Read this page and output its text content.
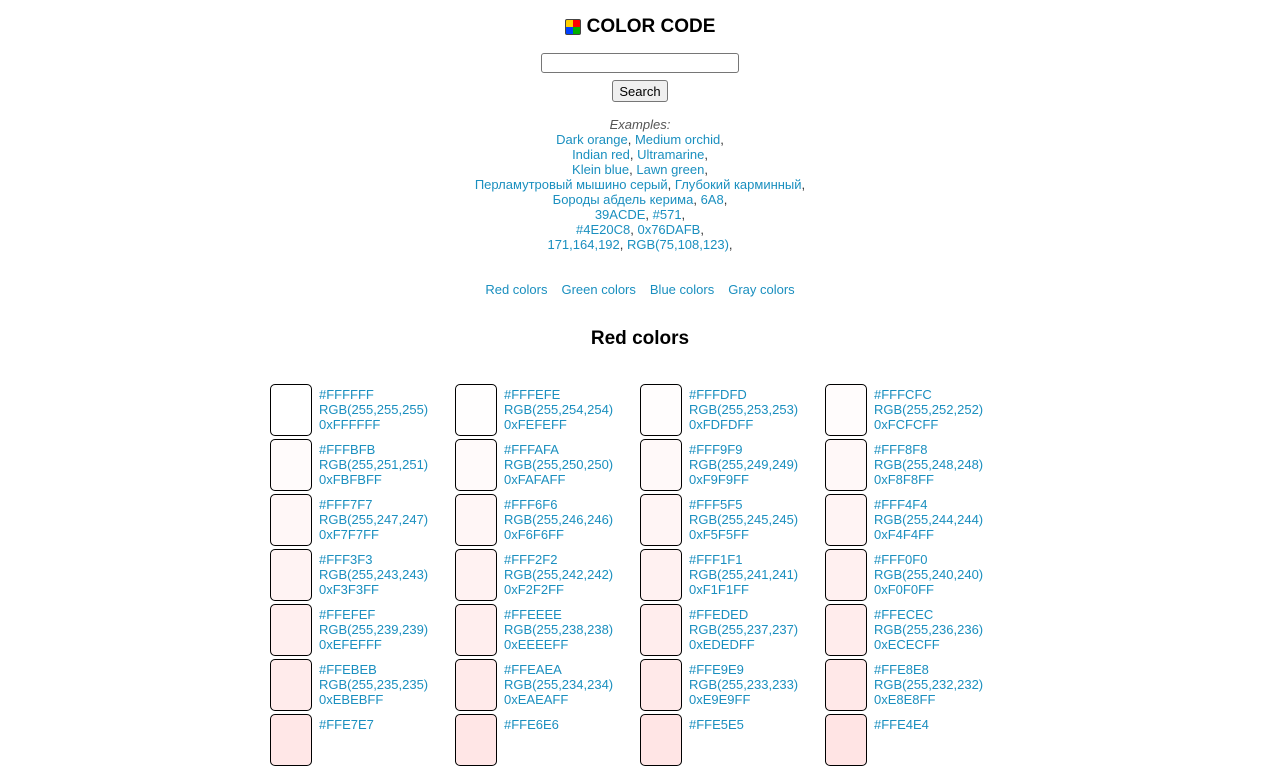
COLOR CODE
Search
Examples:
Dark orange, Medium orchid,
Indian red, Ultramarine,
Klein blue, Lawn green,
Перламутровый мышино серый, Глубокий карминный,
Бороды абдель керима, 6A8,
39ACDE, #571,
#4E20C8, 0x76DAFB,
171,164,192, RGB(75,108,123),
Red colors Green colors Blue colors Gray colors
Red colors
#FFFFFF
RGB(255,255,255)
0xFFFFFF
#FFFEFE
RGB(255,254,254)
0xFEFEFF
#FFFDFD
RGB(255,253,253)
0xFDFDFF
#FFFCFC
RGB(255,252,252)
0xFCFCFF
#FFFBFB
RGB(255,251,251)
0xFBFBFF
#FFFAFA
RGB(255,250,250)
0xFAFAFF
#FFF9F9
RGB(255,249,249)
0xF9F9FF
#FFF8F8
RGB(255,248,248)
0xF8F8FF
#FFF7F7
RGB(255,247,247)
0xF7F7FF
#FFF6F6
RGB(255,246,246)
0xF6F6FF
#FFF5F5
RGB(255,245,245)
0xF5F5FF
#FFF4F4
RGB(255,244,244)
0xF4F4FF
#FFF3F3
RGB(255,243,243)
0xF3F3FF
#FFF2F2
RGB(255,242,242)
0xF2F2FF
#FFF1F1
RGB(255,241,241)
0xF1F1FF
#FFF0F0
RGB(255,240,240)
0xF0F0FF
#FFEFEF
RGB(255,239,239)
0xEFEFFF
#FFEEEE
RGB(255,238,238)
0xEEEEFF
#FFEDED
RGB(255,237,237)
0xEDEDFF
#FFECEC
RGB(255,236,236)
0xECECFF
#FFEBEB
RGB(255,235,235)
0xEBEBFF
#FFEAEA
RGB(255,234,234)
0xEAEAFF
#FFE9E9
RGB(255,233,233)
0xE9E9FF
#FFE8E8
RGB(255,232,232)
0xE8E8FF
#FFE7E7	#FFE6E6	#FFE5E5	#FFE4E4
